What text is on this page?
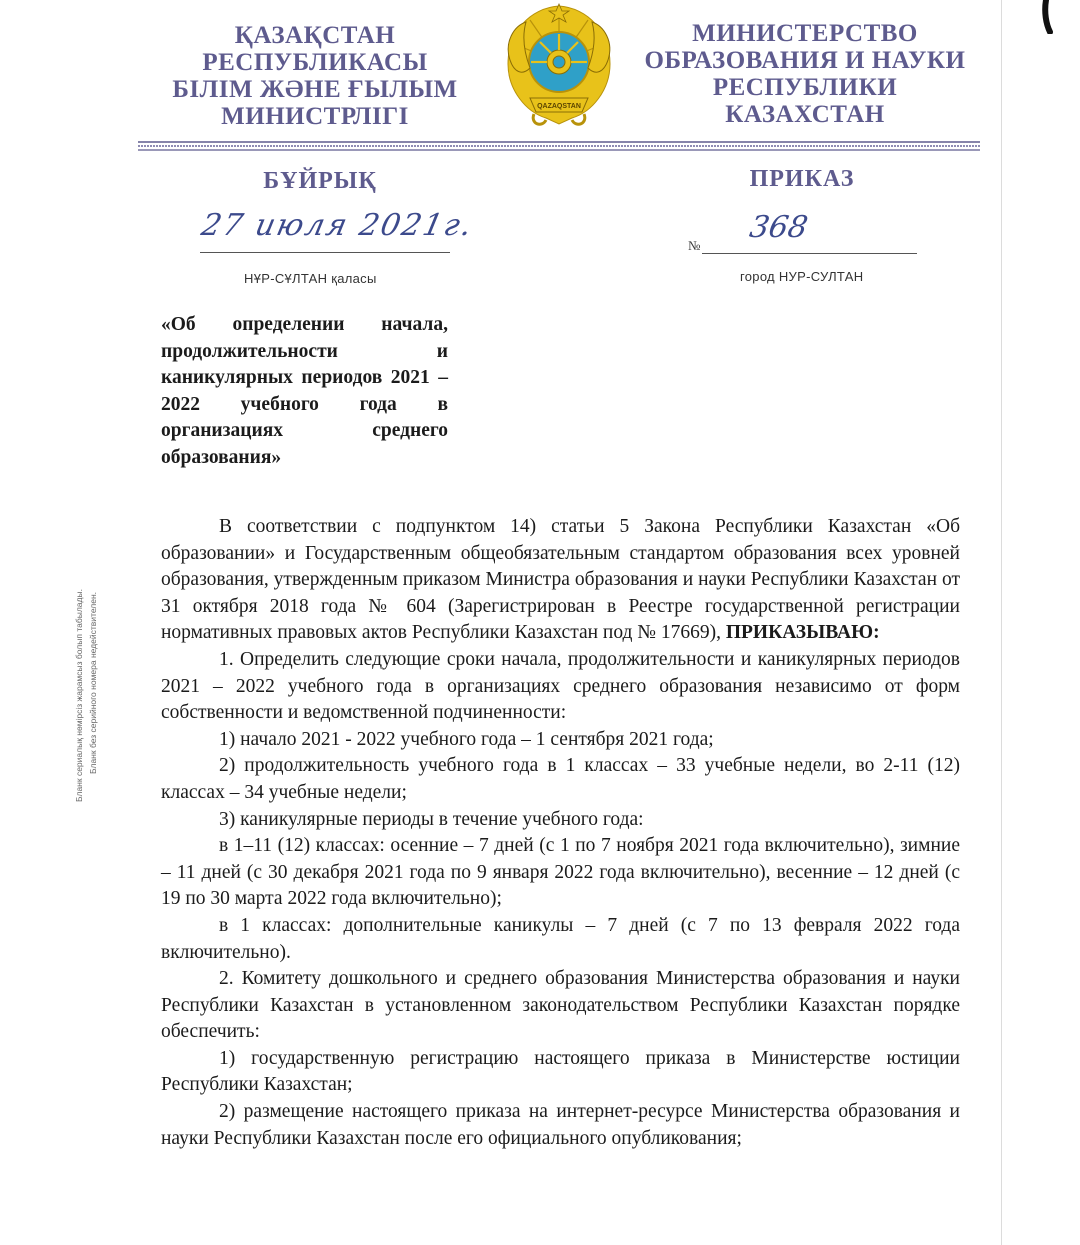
ҚАЗАҚСТАН
РЕСПУБЛИКАСЫ
БІЛІМ ЖӘНЕ ҒЫЛЫМ
МИНИСТРЛІГІ
МИНИСТЕРСТВО
ОБРАЗОВАНИЯ И НАУКИ
РЕСПУБЛИКИ
КАЗАХСТАН
QAZAQSTAN
БҰЙРЫҚ	ПРИКАЗ
27 июля 2021г.
№
368
НҰР-СҰЛТАН қаласы	город НУР-СУЛТАН
«Об определении начала, продолжительности и каникулярных периодов 2021 – 2022 учебного года в организациях среднего образования»
Бланк сериалық нөмірсіз жарамсыз болып табылады. Бланк без серийного номера недействителен.

В соответствии с подпунктом 14) статьи 5 Закона Республики Казахстан «Об образовании» и Государственным общеобязательным стандартом образования всех уровней образования, утвержденным приказом Министра образования и науки Республики Казахстан от 31 октября 2018 года № 604 (Зарегистрирован в Реестре государственной регистрации нормативных правовых актов Республики Казахстан под № 17669), ПРИКАЗЫВАЮ:

1. Определить следующие сроки начала, продолжительности и каникулярных периодов 2021 – 2022 учебного года в организациях среднего образования независимо от форм собственности и ведомственной подчиненности:

1) начало 2021 - 2022 учебного года – 1 сентября 2021 года;

2) продолжительность учебного года в 1 классах – 33 учебные недели, во 2-11 (12) классах – 34 учебные недели;

3) каникулярные периоды в течение учебного года:

в 1–11 (12) классах: осенние – 7 дней (с 1 по 7 ноября 2021 года включительно), зимние – 11 дней (с 30 декабря 2021 года по 9 января 2022 года включительно), весенние – 12 дней (с 19 по 30 марта 2022 года включительно);

в 1 классах: дополнительные каникулы – 7 дней (с 7 по 13 февраля 2022 года включительно).

2. Комитету дошкольного и среднего образования Министерства образования и науки Республики Казахстан в установленном законодательством Республики Казахстан порядке обеспечить:

1) государственную регистрацию настоящего приказа в Министерстве юстиции Республики Казахстан;

2) размещение настоящего приказа на интернет-ресурсе Министерства образования и науки Республики Казахстан после его официального опубликования;
